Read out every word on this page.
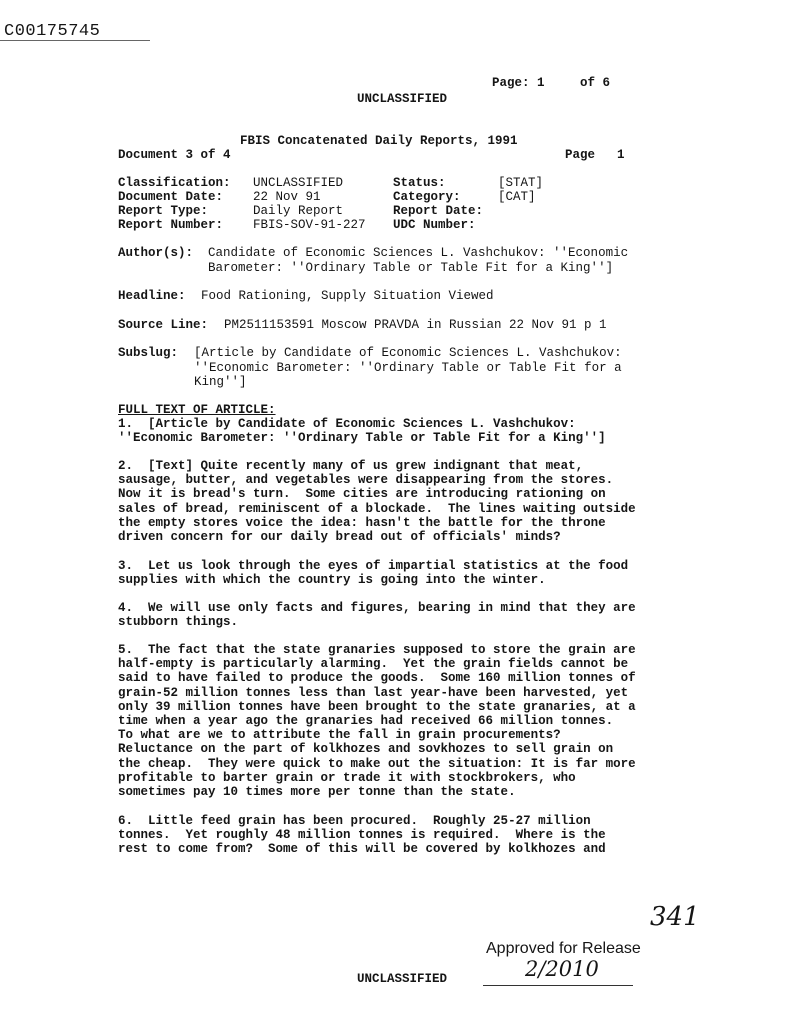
C00175745
Page: 1	of 6
UNCLASSIFIED
FBIS Concatenated Daily Reports, 1991
Document 3 of 4	Page 1
Classification:	UNCLASSIFIED	Status:	[STAT]
Document Date:	22 Nov 91	Category:	[CAT]
Report Type:	Daily Report	Report Date:	
Report Number:	FBIS-SOV-91-227	UDC Number:	
Author(s):	Candidate of Economic Sciences L. Vashchukov: ''Economic
Barometer: ''Ordinary Table or Table Fit for a King'']
Headline:	Food Rationing, Supply Situation Viewed
Source Line:	PM2511153591 Moscow PRAVDA in Russian 22 Nov 91 p 1
Subslug:	[Article by Candidate of Economic Sciences L. Vashchukov:
''Economic Barometer: ''Ordinary Table or Table Fit for a
King'']
FULL TEXT OF ARTICLE:
1.  [Article by Candidate of Economic Sciences L. Vashchukov:
''Economic Barometer: ''Ordinary Table or Table Fit for a King'']
2.  [Text] Quite recently many of us grew indignant that meat,
sausage, butter, and vegetables were disappearing from the stores.
Now it is bread's turn.  Some cities are introducing rationing on
sales of bread, reminiscent of a blockade.  The lines waiting outside
the empty stores voice the idea: hasn't the battle for the throne
driven concern for our daily bread out of officials' minds?
3.  Let us look through the eyes of impartial statistics at the food
supplies with which the country is going into the winter.
4.  We will use only facts and figures, bearing in mind that they are
stubborn things.
5.  The fact that the state granaries supposed to store the grain are
half-empty is particularly alarming.  Yet the grain fields cannot be
said to have failed to produce the goods.  Some 160 million tonnes of
grain-52 million tonnes less than last year-have been harvested, yet
only 39 million tonnes have been brought to the state granaries, at a
time when a year ago the granaries had received 66 million tonnes.
To what are we to attribute the fall in grain procurements?
Reluctance on the part of kolkhozes and sovkhozes to sell grain on
the cheap.  They were quick to make out the situation: It is far more
profitable to barter grain or trade it with stockbrokers, who
sometimes pay 10 times more per tonne than the state.
6.  Little feed grain has been procured.  Roughly 25-27 million
tonnes.  Yet roughly 48 million tonnes is required.  Where is the
rest to come from?  Some of this will be covered by kolkhozes and
341
Approved for Release
2/2010
UNCLASSIFIED
